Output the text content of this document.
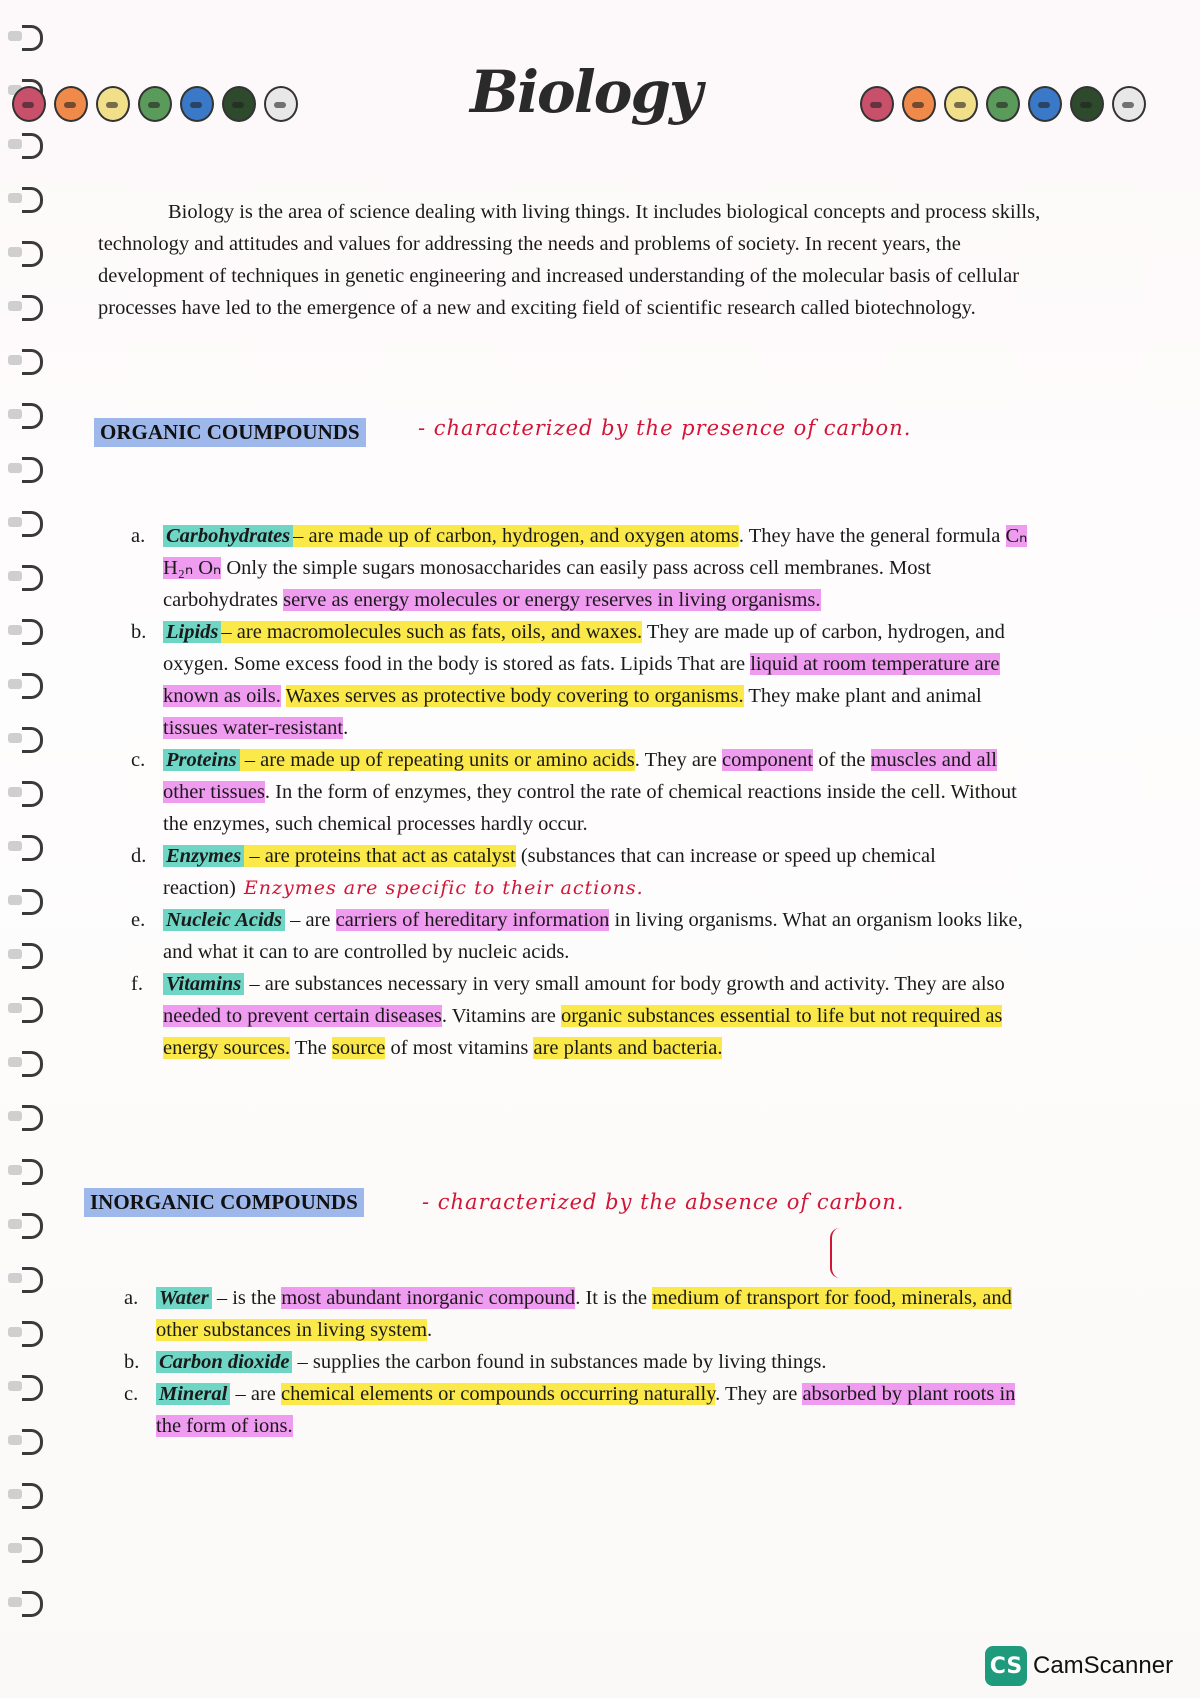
Biology
Biology is the area of science dealing with living things. It includes biological concepts and process skills, technology and attitudes and values for addressing the needs and problems of society. In recent years, the development of techniques in genetic engineering and increased understanding of the molecular basis of cellular processes have led to the emergence of a new and exciting field of scientific research called biotechnology.
ORGANIC COUMPOUNDS	- characterized by the presence of carbon.
a. Carbohydrates – are made up of carbon, hydrogen, and oxygen atoms. They have the general formula Cₙ H₂ₙ Oₙ Only the simple sugars monosaccharides can easily pass across cell membranes. Most carbohydrates serve as energy molecules or energy reserves in living organisms.
b. Lipids – are macromolecules such as fats, oils, and waxes. They are made up of carbon, hydrogen, and oxygen. Some excess food in the body is stored as fats. Lipids That are liquid at room temperature are known as oils. Waxes serves as protective body covering to organisms. They make plant and animal tissues water-resistant.
c. Proteins – are made up of repeating units or amino acids. They are component of the muscles and all other tissues. In the form of enzymes, they control the rate of chemical reactions inside the cell. Without the enzymes, such chemical processes hardly occur.
d. Enzymes – are proteins that act as catalyst (substances that can increase or speed up chemical reaction) Enzymes are specific to their actions.
e. Nucleic Acids – are carriers of hereditary information in living organisms. What an organism looks like, and what it can to are controlled by nucleic acids.
f. Vitamins – are substances necessary in very small amount for body growth and activity. They are also needed to prevent certain diseases. Vitamins are organic substances essential to life but not required as energy sources. The source of most vitamins are plants and bacteria.
INORGANIC COMPOUNDS	- characterized by the absence of carbon.
a. Water – is the most abundant inorganic compound. It is the medium of transport for food, minerals, and other substances in living system.
b. Carbon dioxide – supplies the carbon found in substances made by living things.
c. Mineral – are chemical elements or compounds occurring naturally. They are absorbed by plant roots in the form of ions.
CS CamScanner
